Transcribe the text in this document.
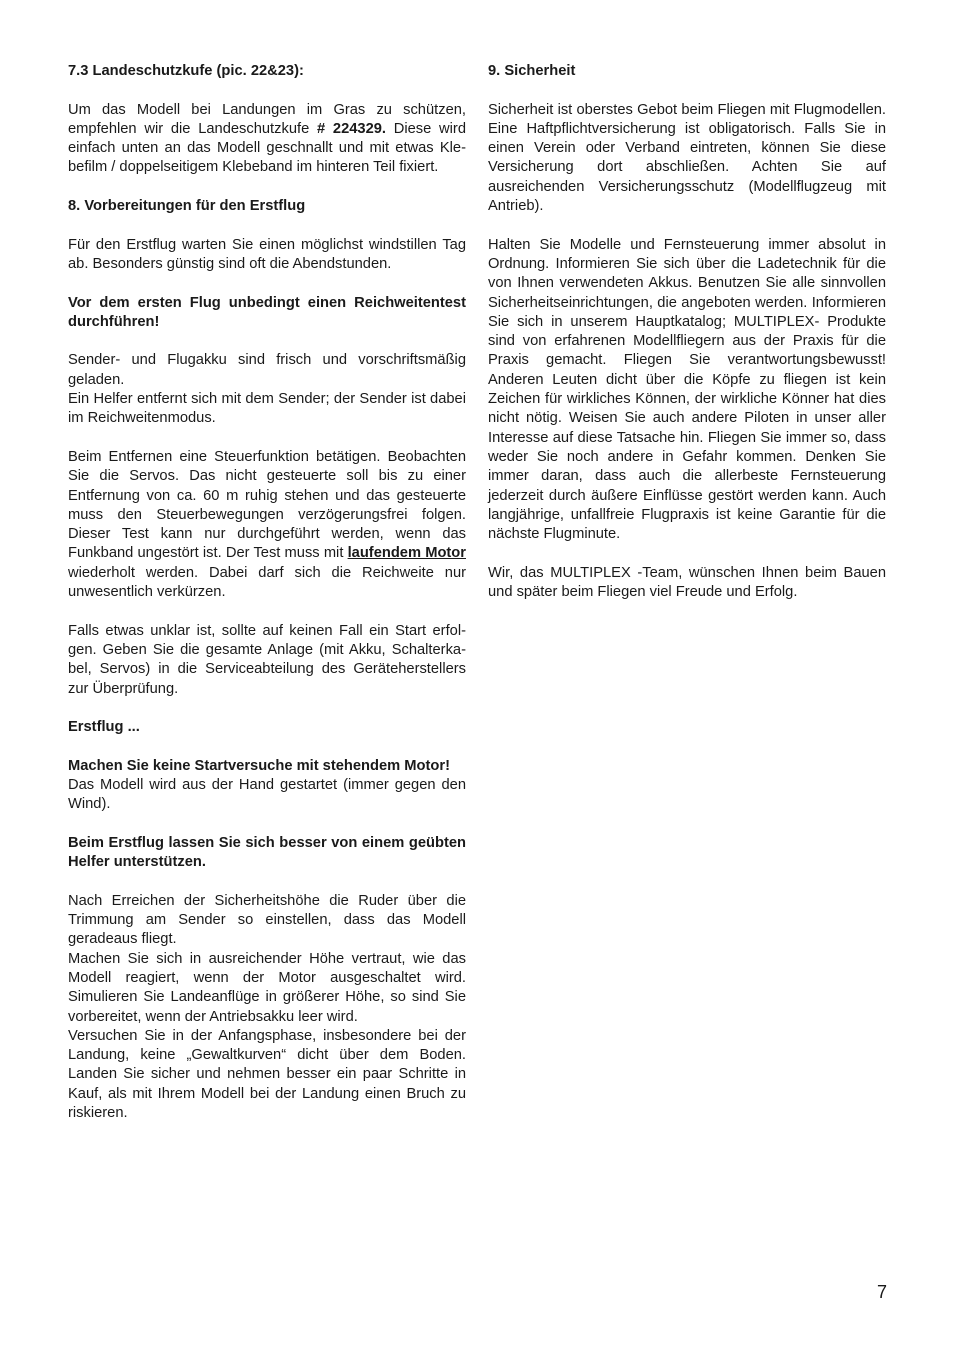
7.3 Landeschutzkufe (pic. 22&23):

Um das Modell bei Landungen im Gras zu schützen, empfehlen wir die Landeschutzkufe # 224329. Diese wird einfach unten an das Modell geschnallt und mit etwas Klebefilm / doppelseitigem Klebeband im hinteren Teil fixiert.

8. Vorbereitungen für den Erstflug

Für den Erstflug warten Sie einen möglichst windstillen Tag ab. Besonders günstig sind oft die Abendstunden.

Vor dem ersten Flug unbedingt einen Reichweitentest durchführen!

Sender- und Flugakku sind frisch und vorschriftsmäßig geladen.

Ein Helfer entfernt sich mit dem Sender; der Sender ist dabei im Reichweitenmodus.

Beim Entfernen eine Steuerfunktion betätigen. Beobachten Sie die Servos. Das nicht gesteuerte soll bis zu einer Entfernung von ca. 60 m ruhig stehen und das gesteuerte muss den Steuerbewegungen verzögerungsfrei folgen. Dieser Test kann nur durchgeführt werden, wenn das Funkband ungestört ist. Der Test muss mit laufendem Motor wiederholt werden. Dabei darf sich die Reichweite nur unwesentlich verkürzen.

Falls etwas unklar ist, sollte auf keinen Fall ein Start erfolgen. Geben Sie die gesamte Anlage (mit Akku, Schalterkabel, Servos) in die Serviceabteilung des Geräteherstellers zur Überprüfung.

Erstflug ...
Machen Sie keine Startversuche mit stehendem Motor!

Das Modell wird aus der Hand gestartet (immer gegen den Wind).

Beim Erstflug lassen Sie sich besser von einem geübten Helfer unterstützen.

Nach Erreichen der Sicherheitshöhe die Ruder über die Trimmung am Sender so einstellen, dass das Modell geradeaus fliegt.

Machen Sie sich in ausreichender Höhe vertraut, wie das Modell reagiert, wenn der Motor ausgeschaltet wird. Simulieren Sie Landeanflüge in größerer Höhe, so sind Sie vorbereitet, wenn der Antriebsakku leer wird.

Versuchen Sie in der Anfangsphase, insbesondere bei der Landung, keine „Gewaltkurven“ dicht über dem Boden. Landen Sie sicher und nehmen besser ein paar Schritte in Kauf, als mit Ihrem Modell bei der Landung einen Bruch zu riskieren.

9. Sicherheit

Sicherheit ist oberstes Gebot beim Fliegen mit Flugmodellen. Eine Haftpflichtversicherung ist obligatorisch. Falls Sie in einen Verein oder Verband eintreten, können Sie diese Versicherung dort abschließen. Achten Sie auf ausreichenden Versicherungsschutz (Modellflugzeug mit Antrieb).

Halten Sie Modelle und Fernsteuerung immer absolut in Ordnung. Informieren Sie sich über die Ladetechnik für die von Ihnen verwendeten Akkus. Benutzen Sie alle sinnvollen Sicherheitseinrichtungen, die angeboten werden. Informieren Sie sich in unserem Hauptkatalog; MULTIPLEX- Produkte sind von erfahrenen Modellfliegern aus der Praxis für die Praxis gemacht. Fliegen Sie verantwortungsbewusst! Anderen Leuten dicht über die Köpfe zu fliegen ist kein Zeichen für wirkliches Können, der wirkliche Könner hat dies nicht nötig. Weisen Sie auch andere Piloten in unser aller Interesse auf diese Tatsache hin. Fliegen Sie immer so, dass weder Sie noch andere in Gefahr kommen. Denken Sie immer daran, dass auch die allerbeste Fernsteuerung jederzeit durch äußere Einflüsse gestört werden kann. Auch langjährige, unfallfreie Flugpraxis ist keine Garantie für die nächste Flugminute.

Wir, das MULTIPLEX -Team, wünschen Ihnen beim Bauen und später beim Fliegen viel Freude und Erfolg.

7
